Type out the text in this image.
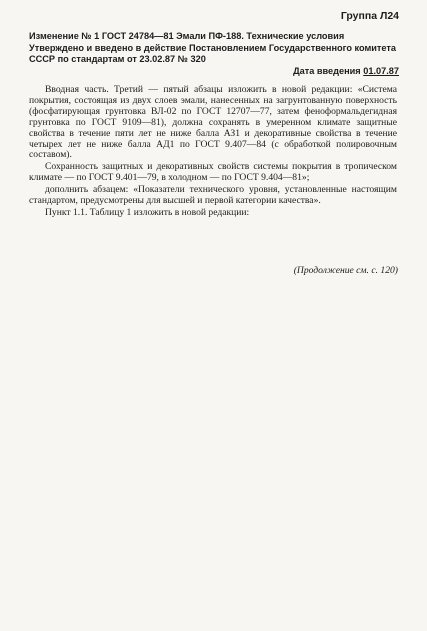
Группа Л24
Изменение № 1 ГОСТ 24784—81 Эмали ПФ-188. Технические условия
Утверждено и введено в действие Постановлением Государственного комитета СССР по стандартам от 23.02.87 № 320
Дата введения 01.07.87

Вводная часть. Третий — пятый абзацы изложить в новой редакции: «Система покрытия, состоящая из двух слоев эмали, нанесенных на загрунтованную поверхность (фосфатирующая грунтовка ВЛ-02 по ГОСТ 12707—77, затем феноформальдегидная грунтовка по ГОСТ 9109—81), должна сохранять в умеренном климате защитные свойства в течение пяти лет не ниже балла АЗ1 и декоративные свойства в течение четырех лет не ниже балла АД1 по ГОСТ 9.407—84 (с обработкой полировочным составом).

Сохранность защитных и декоративных свойств системы покрытия в тропическом климате — по ГОСТ 9.401—79, в холодном — по ГОСТ 9.404—81»;

дополнить абзацем: «Показатели технического уровня, установленные настоящим стандартом, предусмотрены для высшей и первой категории качества».

Пункт 1.1. Таблицу 1 изложить в новой редакции:

(Продолжение см. с. 120)
